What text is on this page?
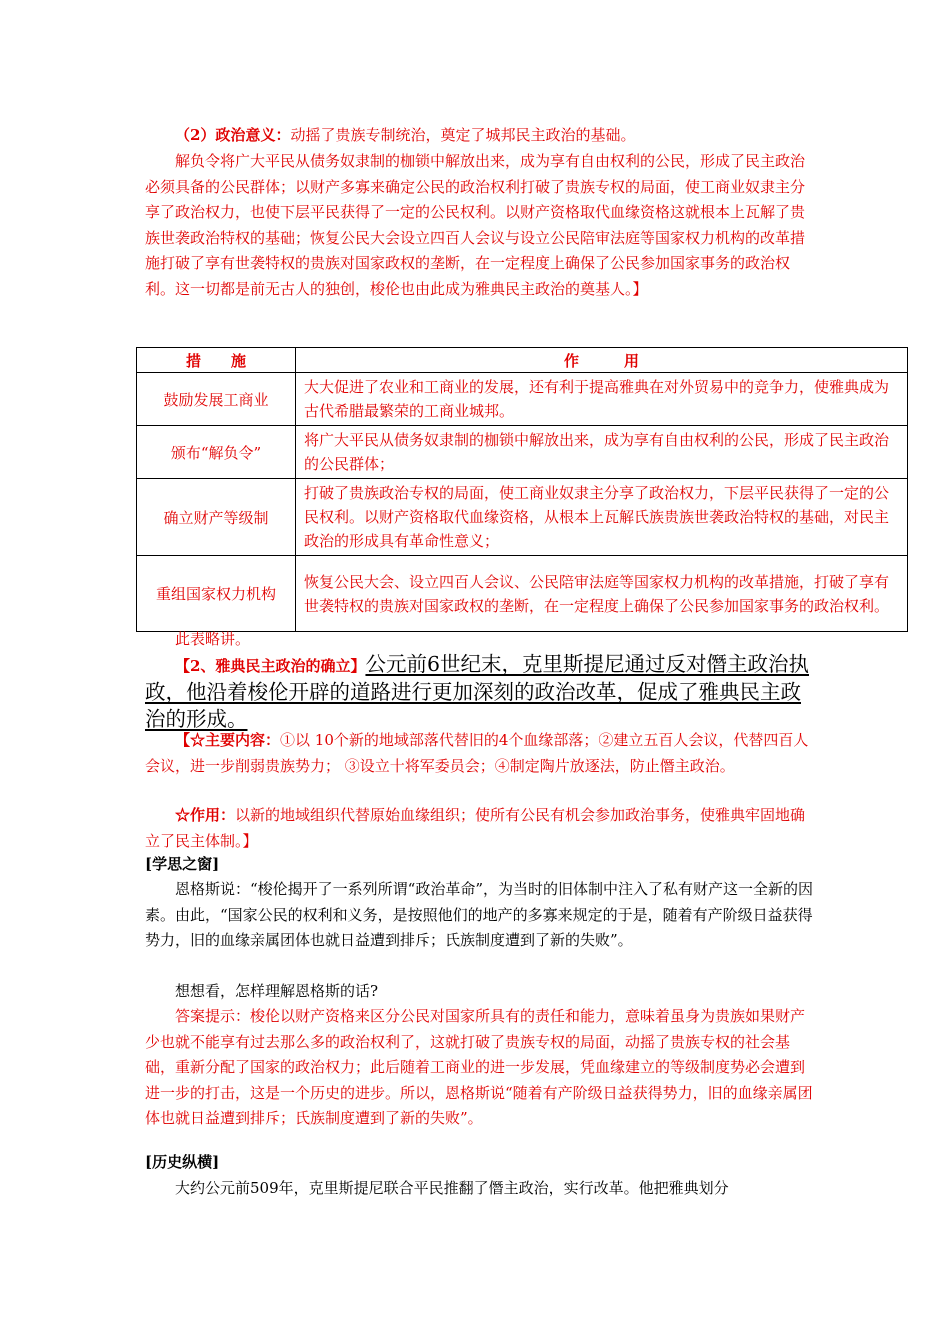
（2）政治意义：动摇了贵族专制统治，奠定了城邦民主政治的基础。

解负令将广大平民从债务奴隶制的枷锁中解放出来，成为享有自由权利的公民，形成了民主政治必须具备的公民群体；以财产多寡来确定公民的政治权利打破了贵族专权的局面，使工商业奴隶主分享了政治权力，也使下层平民获得了一定的公民权利。以财产资格取代血缘资格这就根本上瓦解了贵族世袭政治特权的基础；恢复公民大会设立四百人会议与设立公民陪审法庭等国家权力机构的改革措施打破了享有世袭特权的贵族对国家政权的垄断，在一定程度上确保了公民参加国家事务的政治权利。这一切都是前无古人的独创，梭伦也由此成为雅典民主政治的奠基人。】

措　　施	作　　　用
鼓励发展工商业	大大促进了农业和工商业的发展，还有利于提高雅典在对外贸易中的竞争力，使雅典成为古代希腊最繁荣的工商业城邦。
颁布“解负令”	将广大平民从债务奴隶制的枷锁中解放出来，成为享有自由权利的公民，形成了民主政治的公民群体；
确立财产等级制	打破了贵族政治专权的局面，使工商业奴隶主分享了政治权力，下层平民获得了一定的公民权利。以财产资格取代血缘资格，从根本上瓦解氏族贵族世袭政治特权的基础，对民主政治的形成具有革命性意义；
重组国家权力机构	恢复公民大会、设立四百人会议、公民陪审法庭等国家权力机构的改革措施，打破了享有世袭特权的贵族对国家政权的垄断，在一定程度上确保了公民参加国家事务的政治权利。

此表略讲。

【2、雅典民主政治的确立】公元前6世纪末，克里斯提尼通过反对僭主政治执政，他沿着梭伦开辟的道路进行更加深刻的政治改革，促成了雅典民主政治的形成。

【☆主要内容：①以 10个新的地域部落代替旧的4个血缘部落；②建立五百人会议，代替四百人会议，进一步削弱贵族势力； ③设立十将军委员会；④制定陶片放逐法，防止僭主政治。

☆作用：以新的地域组织代替原始血缘组织；使所有公民有机会参加政治事务，使雅典牢固地确立了民主体制。】

[学思之窗]

恩格斯说：“梭伦揭开了一系列所谓“政治革命”，为当时的旧体制中注入了私有财产这一全新的因素。由此，“国家公民的权利和义务，是按照他们的地产的多寡来规定的于是，随着有产阶级日益获得势力，旧的血缘亲属团体也就日益遭到排斥；氏族制度遭到了新的失败”。

想想看，怎样理解恩格斯的话?

答案提示：梭伦以财产资格来区分公民对国家所具有的责任和能力，意味着虽身为贵族如果财产少也就不能享有过去那么多的政治权利了，这就打破了贵族专权的局面，动摇了贵族专权的社会基础，重新分配了国家的政治权力；此后随着工商业的进一步发展，凭血缘建立的等级制度势必会遭到进一步的打击，这是一个历史的进步。所以，恩格斯说“随着有产阶级日益获得势力，旧的血缘亲属团体也就日益遭到排斥；氏族制度遭到了新的失败”。

[历史纵横]

大约公元前509年，克里斯提尼联合平民推翻了僭主政治，实行改革。他把雅典划分
